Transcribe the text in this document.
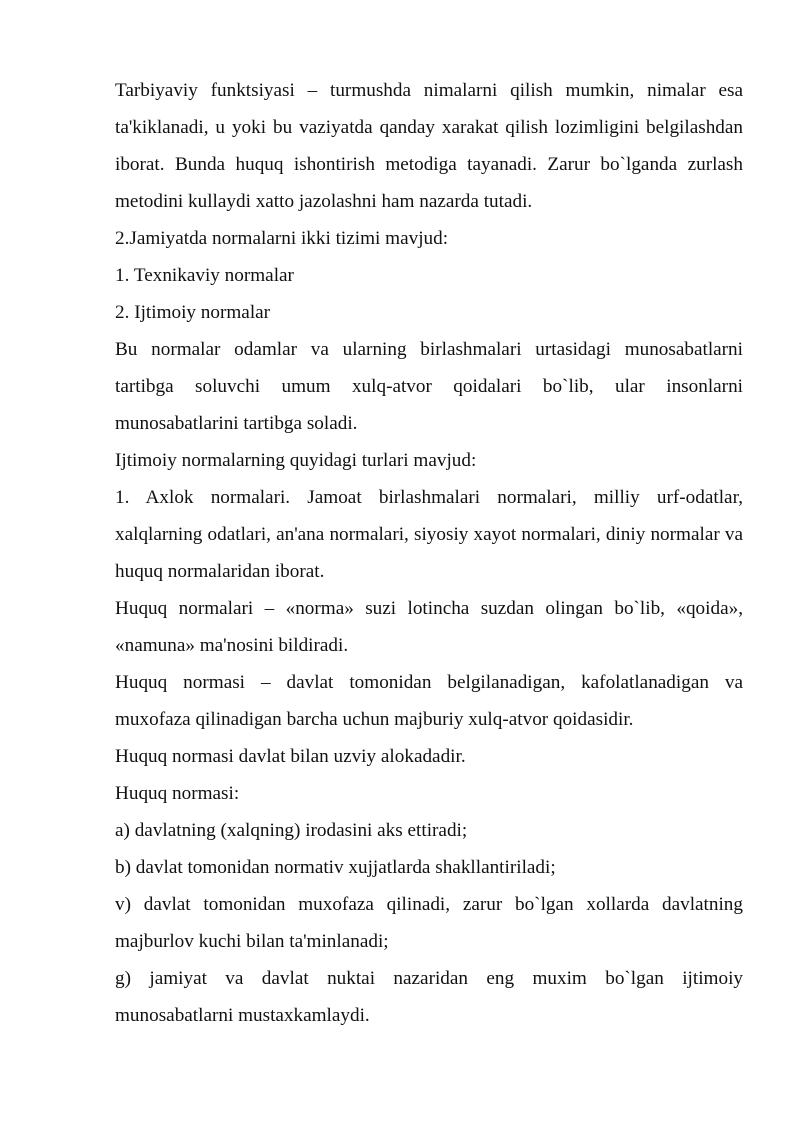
Tarbiyaviy funktsiyasi – turmushda nimalarni qilish mumkin, nimalar esa ta'kiklanadi, u yoki bu vaziyatda qanday xarakat qilish lozimligini belgilashdan iborat. Bunda huquq ishontirish metodiga tayanadi. Zarur bo`lganda zurlash metodini kullaydi xatto jazolashni ham nazarda tutadi.

2.Jamiyatda normalarni ikki tizimi mavjud:

1. Texnikaviy normalar

2. Ijtimoiy normalar

Bu normalar odamlar va ularning birlashmalari urtasidagi munosabatlarni tartibga soluvchi umum xulq-atvor qoidalari bo`lib, ular insonlarni munosabatlarini tartibga soladi.

Ijtimoiy normalarning quyidagi turlari mavjud:

1. Axlok normalari. Jamoat birlashmalari normalari, milliy urf-odatlar, xalqlarning odatlari, an'ana normalari, siyosiy xayot normalari, diniy normalar va huquq normalaridan iborat.

Huquq normalari – «norma» suzi lotincha suzdan olingan bo`lib, «qoida», «namuna» ma'nosini bildiradi.

Huquq normasi – davlat tomonidan belgilanadigan, kafolatlanadigan va muxofaza qilinadigan barcha uchun majburiy xulq-atvor qoidasidir.

Huquq normasi davlat bilan uzviy alokadadir.

Huquq normasi:

a) davlatning (xalqning) irodasini aks ettiradi;

b) davlat tomonidan normativ xujjatlarda shakllantiriladi;

v) davlat tomonidan muxofaza qilinadi, zarur bo`lgan xollarda davlatning majburlov kuchi bilan ta'minlanadi;

g) jamiyat va davlat nuktai nazaridan eng muxim bo`lgan ijtimoiy munosabatlarni mustaxkamlaydi.
